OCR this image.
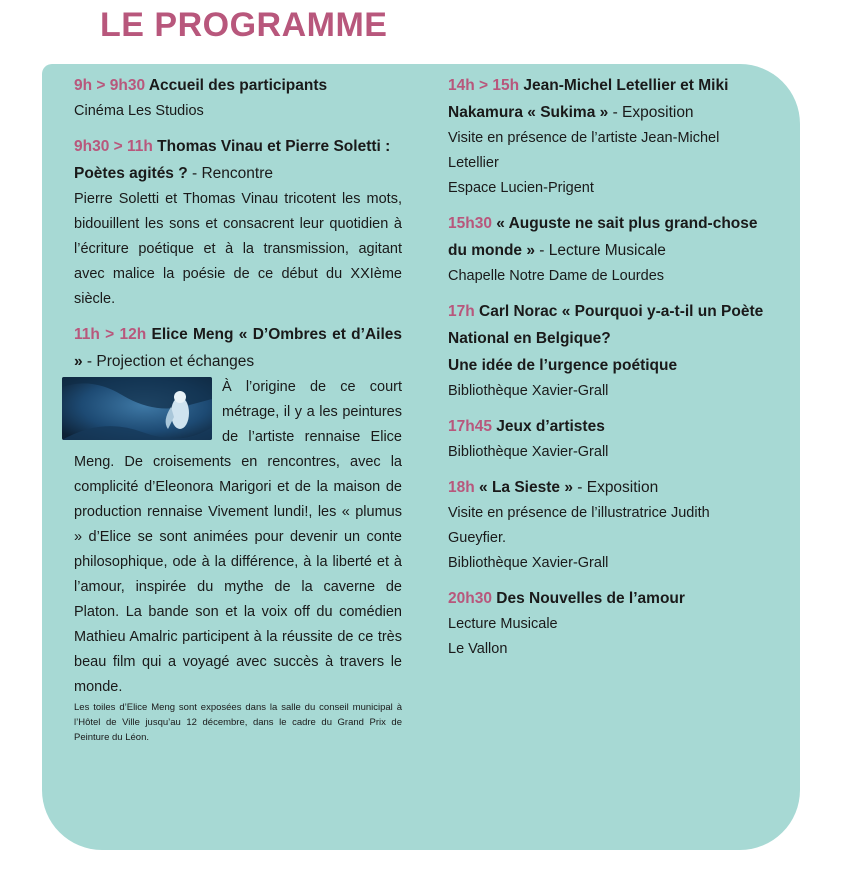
LE PROGRAMME
9h > 9h30 Accueil des participants
Cinéma Les Studios
9h30 > 11h Thomas Vinau et Pierre Soletti : Poètes agités ? - Rencontre
Pierre Soletti et Thomas Vinau tricotent les mots, bidouillent les sons et consacrent leur quotidien à l’écriture poétique et à la transmission, agitant avec malice la poésie de ce début du XXIème siècle.
11h > 12h Elice Meng « D’Ombres et d’Ailes » - Projection et échanges
À l’origine de ce court métrage, il y a les peintures de l’artiste rennaise Elice Meng. De croisements en rencontres, avec la complicité d’Eleonora Marigori et de la maison de production rennaise Vivement lundi!, les « plumus » d’Elice se sont animées pour devenir un conte philosophique, ode à la différence, à la liberté et à l’amour, inspirée du mythe de la caverne de Platon. La bande son et la voix off du comédien Mathieu Amalric participent à la réussite de ce très beau film qui a voyagé avec succès à travers le monde.
Les toiles d’Elice Meng sont exposées dans la salle du conseil municipal à l’Hôtel de Ville jusqu’au 12 décembre, dans le cadre du Grand Prix de Peinture du Léon.
14h > 15h Jean-Michel Letellier et Miki Nakamura « Sukima » - Exposition
Visite en présence de l’artiste Jean-Michel Letellier
Espace Lucien-Prigent
15h30 « Auguste ne sait plus grand-chose du monde » - Lecture Musicale
Chapelle Notre Dame de Lourdes
17h Carl Norac « Pourquoi y-a-t-il un Poète National en Belgique?
Une idée de l’urgence poétique
Bibliothèque Xavier-Grall
17h45 Jeux d’artistes
Bibliothèque Xavier-Grall
18h « La Sieste » - Exposition
Visite en présence de l’illustratrice Judith Gueyfier.
Bibliothèque Xavier-Grall
20h30 Des Nouvelles de l’amour
Lecture Musicale
Le Vallon
